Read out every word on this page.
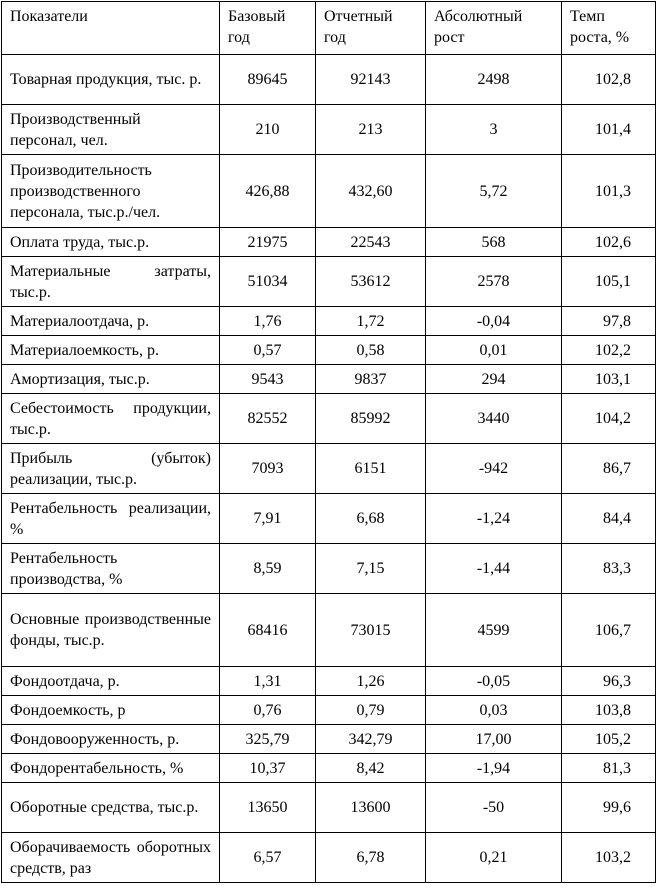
Показатели	Базовый год	Отчетный год	Абсолютный рост	Темп роста, %
Товарная продукция, тыс. р.	89645	92143	2498	102,8
Производственный персонал, чел.	210	213	3	101,4
Производительность производственного персонала, тыс.р./чел.	426,88	432,60	5,72	101,3
Оплата труда, тыс.р.	21975	22543	568	102,6
Материальные затраты, тыс.р.	51034	53612	2578	105,1
Материалоотдача, р.	1,76	1,72	-0,04	97,8
Материалоемкость, р.	0,57	0,58	0,01	102,2
Амортизация, тыс.р.	9543	9837	294	103,1
Себестоимость продукции, тыс.р.	82552	85992	3440	104,2
Прибыль (убыток) реализации, тыс.р.	7093	6151	-942	86,7
Рентабельность реализации, %	7,91	6,68	-1,24	84,4
Рентабельность производства, %	8,59	7,15	-1,44	83,3
Основные производственные фонды, тыс.р.	68416	73015	4599	106,7
Фондоотдача, р.	1,31	1,26	-0,05	96,3
Фондоемкость, р	0,76	0,79	0,03	103,8
Фондовооруженность, р.	325,79	342,79	17,00	105,2
Фондорентабельность, %	10,37	8,42	-1,94	81,3
Оборотные средства, тыс.р.	13650	13600	-50	99,6
Оборачиваемость оборотных средств, раз	6,57	6,78	0,21	103,2
